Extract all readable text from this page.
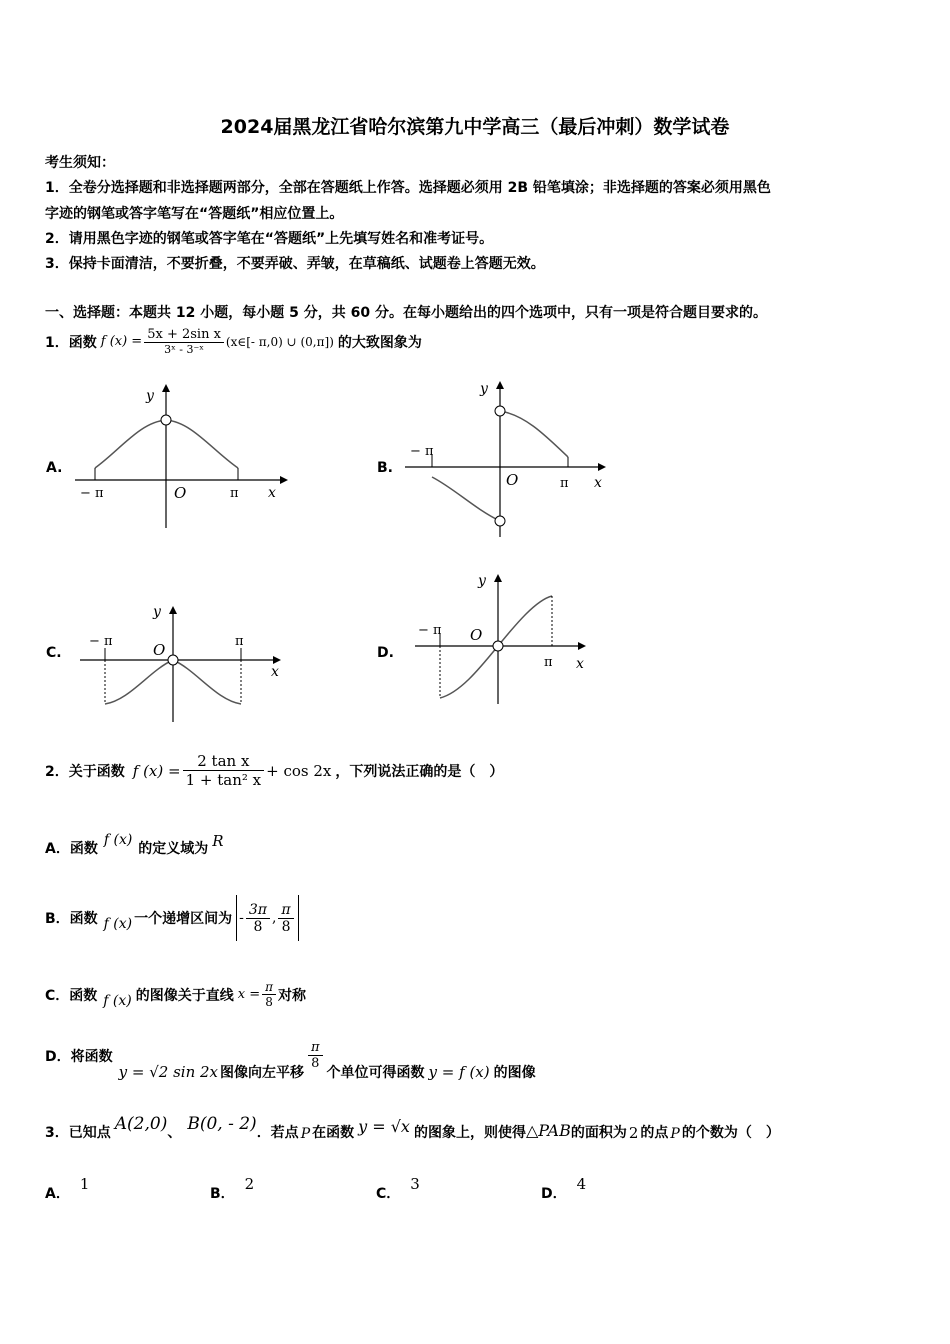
2024届黑龙江省哈尔滨第九中学高三（最后冲刺）数学试卷
考生须知：
1．全卷分选择题和非选择题两部分，全部在答题纸上作答。选择题必须用 2B 铅笔填涂；非选择题的答案必须用黑色
字迹的钢笔或答字笔写在“答题纸”相应位置上。
2．请用黑色字迹的钢笔或答字笔在“答题纸”上先填写姓名和准考证号。
3．保持卡面清洁，不要折叠，不要弄破、弄皱，在草稿纸、试题卷上答题无效。
一、选择题：本题共 12 小题，每小题 5 分，共 60 分。在每小题给出的四个选项中，只有一项是符合题目要求的。
1．函数 f $(x) = \frac{\text{5x + 2sin x}}{\text{3ˣ - 3⁻ˣ}}$ (x∈[- π,0) ∪ (0,π]) 的大致图象为
A.	B.
C.	D.
y
x
O
− π	π
y
x
O
− π
π
y
x
O
− π	π
y
x
O
− π
π
2．关于函数 f $(x) = \frac{\text{2 tan x}}{\text{1 + tan² x}} + \cos 2x$ ，下列说法正确的是（　）
A． 函数
f (x)
的定义域为 R
B． 函数 f (x) 一个递增区间为 - $\frac{3\pi}{8}$ , $\frac{\pi}{8}$
C． 函数 f (x) 的图像关于直线 $x = \frac{\pi}{8}$ 对称
D． 将函数
y = √2 sin 2x 图像向左平移
$\frac{\pi}{8}$
个单位可得函数 y = f (x) 的图像
3．已知点 A(2,0) 、 B(0, - 2) ．若点 P 在函数 y = √x 的图象上，则使得 △PAB 的面积为 2 的点 P 的个数为（　）
A．
1
B．
2
C．
3
D．
4
